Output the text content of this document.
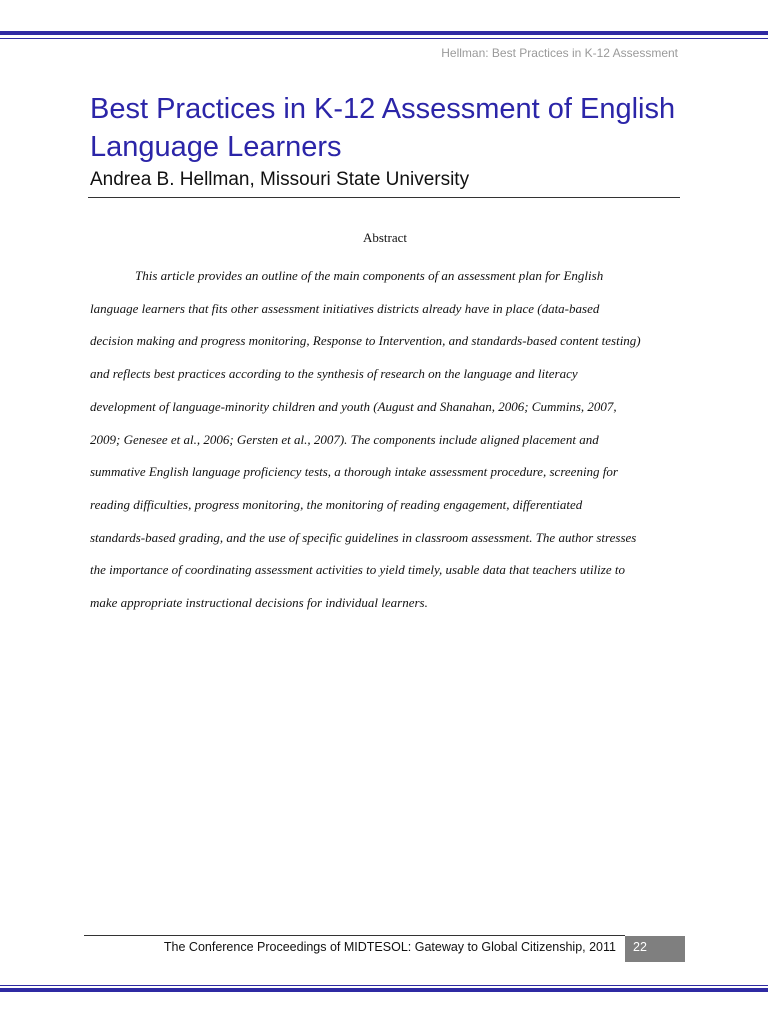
Hellman: Best Practices in K-12 Assessment
Best Practices in K-12 Assessment of English Language Learners
Andrea B. Hellman, Missouri State University
Abstract

This article provides an outline of the main components of an assessment plan for English
language learners that fits other assessment initiatives districts already have in place (data-based
decision making and progress monitoring, Response to Intervention, and standards-based content testing)
and reflects best practices according to the synthesis of research on the language and literacy
development of language-minority children and youth (August and Shanahan, 2006; Cummins, 2007,
2009; Genesee et al., 2006; Gersten et al., 2007). The components include aligned placement and
summative English language proficiency tests, a thorough intake assessment procedure, screening for
reading difficulties, progress monitoring, the monitoring of reading engagement, differentiated
standards-based grading, and the use of specific guidelines in classroom assessment. The author stresses
the importance of coordinating assessment activities to yield timely, usable data that teachers utilize to
make appropriate instructional decisions for individual learners.

The Conference Proceedings of MIDTESOL: Gateway to Global Citizenship, 2011 22
